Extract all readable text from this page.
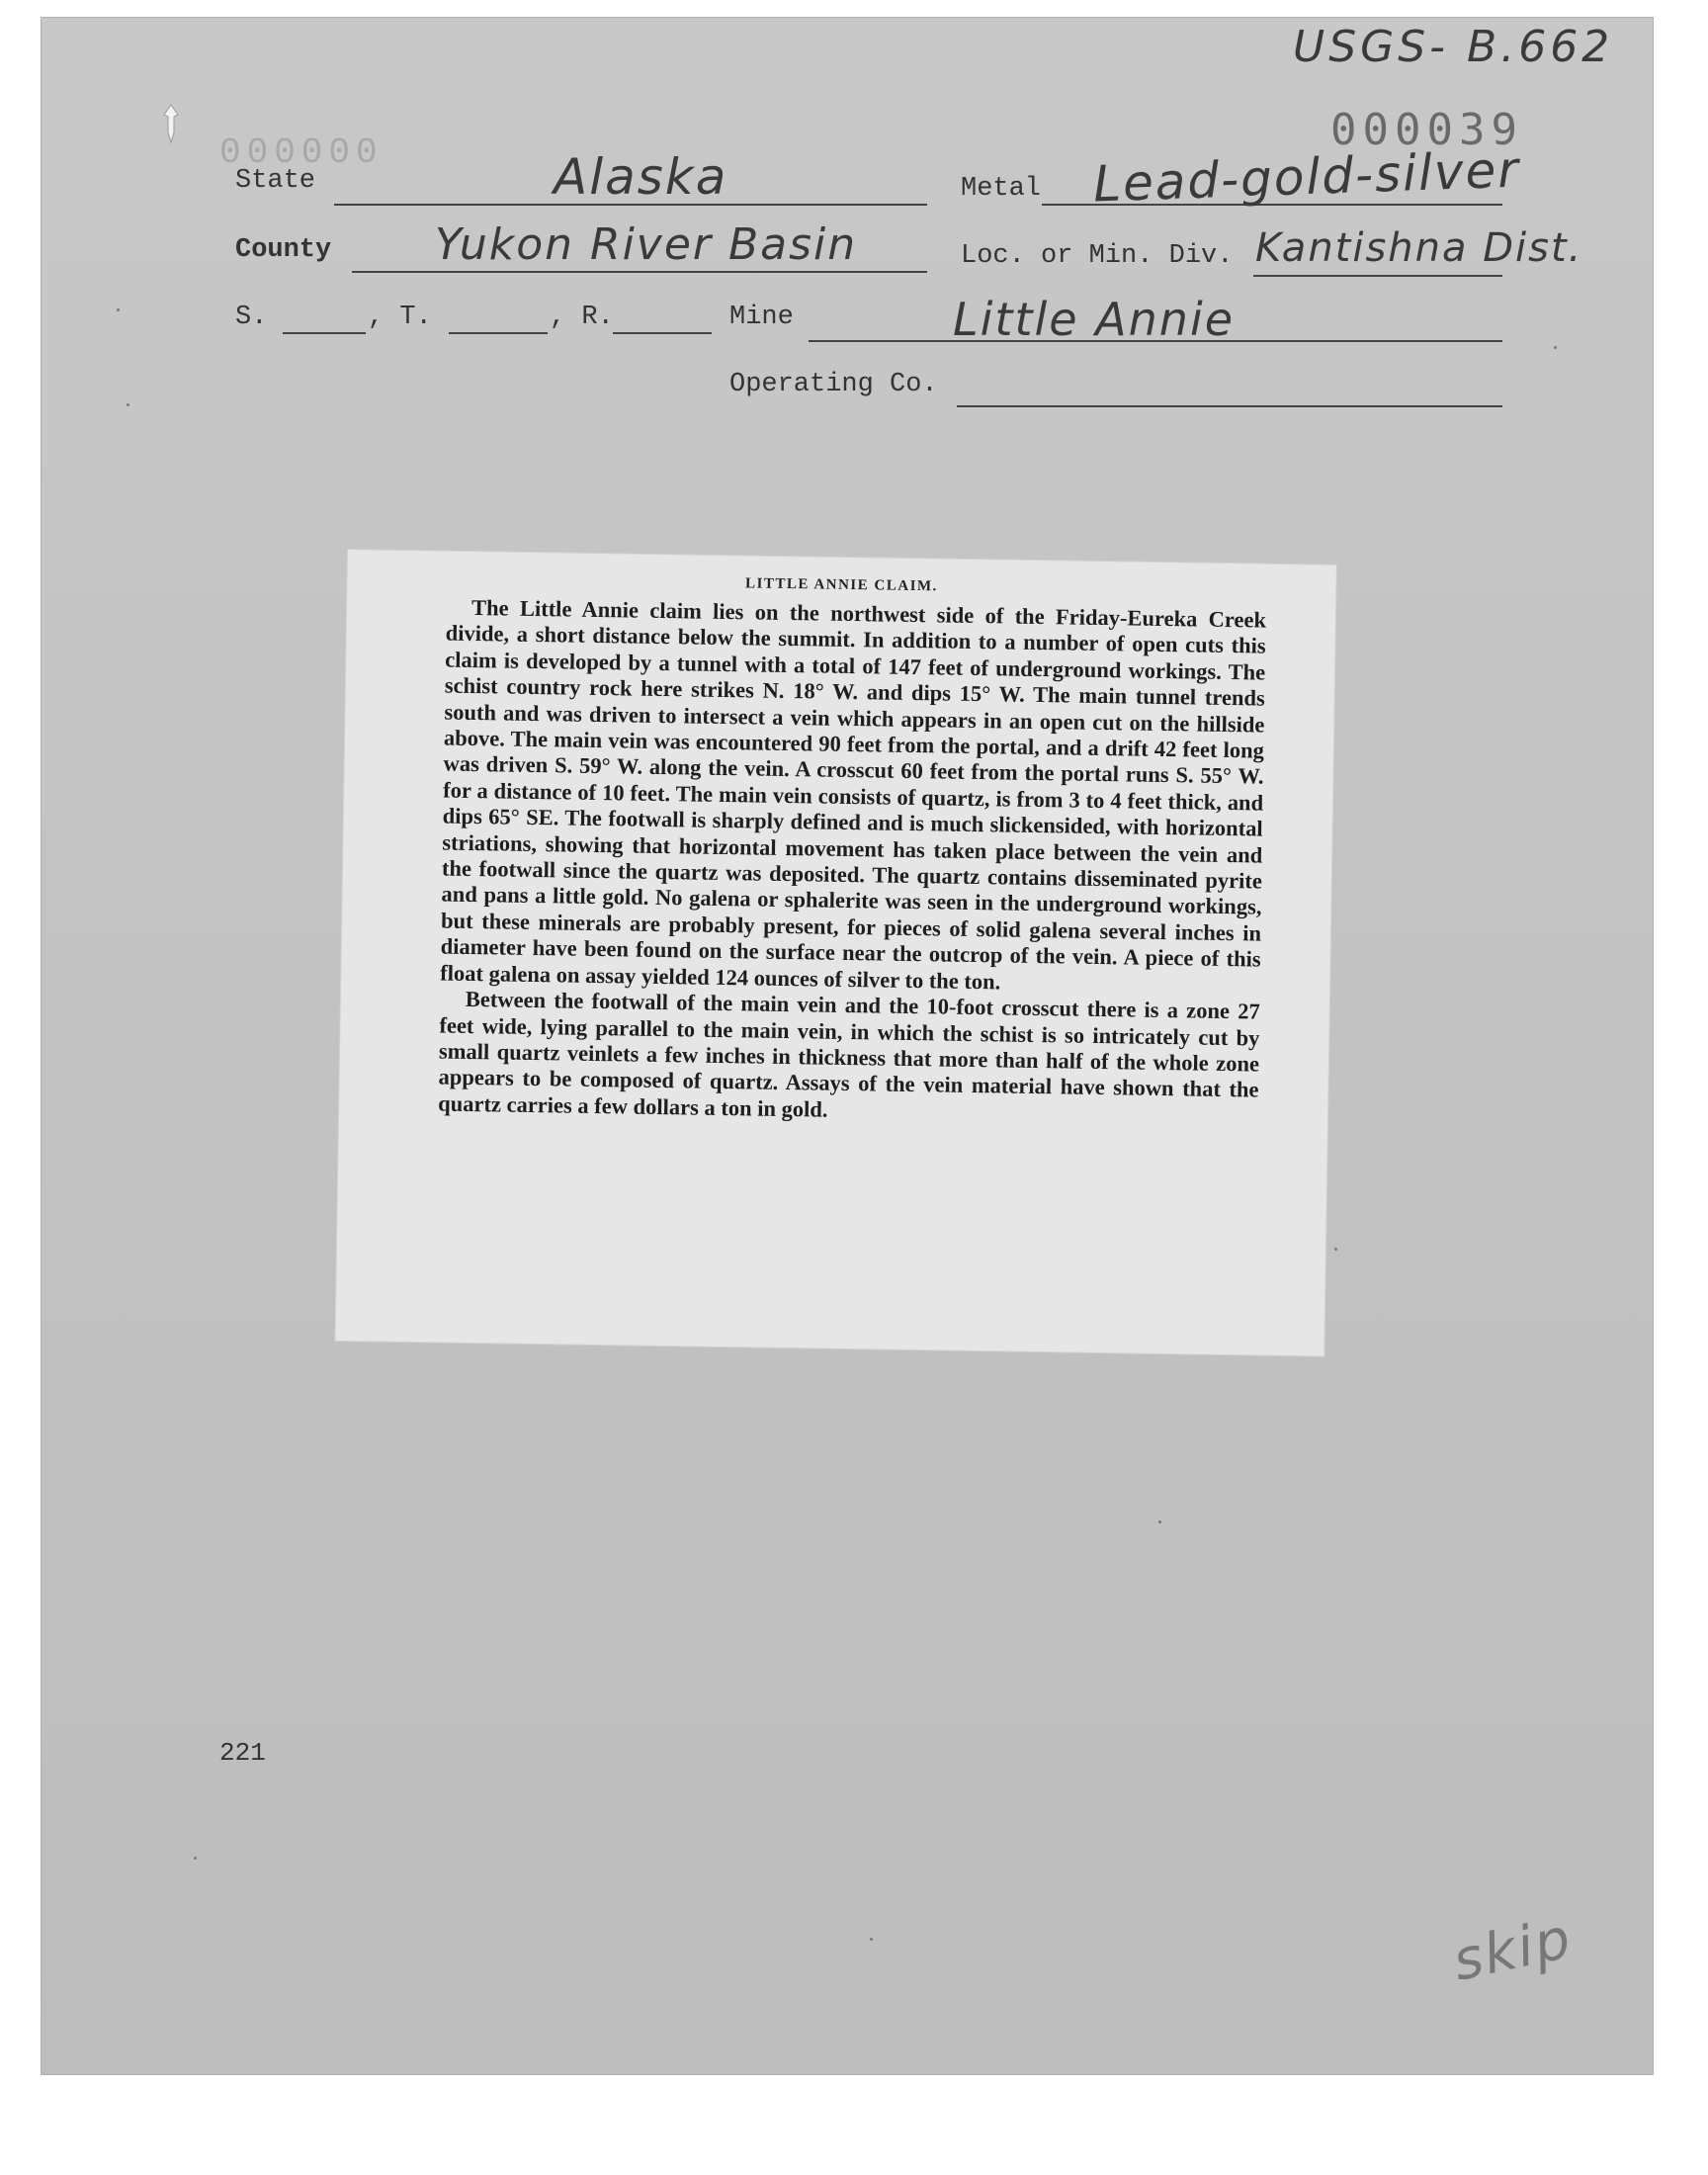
USGS- B.662
000039
000000
State	Alaska	Metal Lead-gold-silver
County Yukon River Basin	Loc. or Min. Div. Kantishna Dist.
S.	, T.	, R.	Mine	Little Annie
Operating Co.
LITTLE ANNIE CLAIM.

The Little Annie claim lies on the northwest side of the Friday-Eureka Creek divide, a short distance below the summit. In addition to a number of open cuts this claim is developed by a tunnel with a total of 147 feet of underground workings. The schist country rock here strikes N. 18° W. and dips 15° W. The main tunnel trends south and was driven to intersect a vein which appears in an open cut on the hillside above. The main vein was encountered 90 feet from the portal, and a drift 42 feet long was driven S. 59° W. along the vein. A crosscut 60 feet from the portal runs S. 55° W. for a distance of 10 feet. The main vein consists of quartz, is from 3 to 4 feet thick, and dips 65° SE. The footwall is sharply defined and is much slickensided, with horizontal striations, showing that horizontal movement has taken place between the vein and the footwall since the quartz was deposited. The quartz contains disseminated pyrite and pans a little gold. No galena or sphalerite was seen in the underground workings, but these minerals are probably present, for pieces of solid galena several inches in diameter have been found on the surface near the outcrop of the vein. A piece of this float galena on assay yielded 124 ounces of silver to the ton.

Between the footwall of the main vein and the 10-foot crosscut there is a zone 27 feet wide, lying parallel to the main vein, in which the schist is so intricately cut by small quartz veinlets a few inches in thickness that more than half of the whole zone appears to be composed of quartz. Assays of the vein material have shown that the quartz carries a few dollars a ton in gold.

221
skip
